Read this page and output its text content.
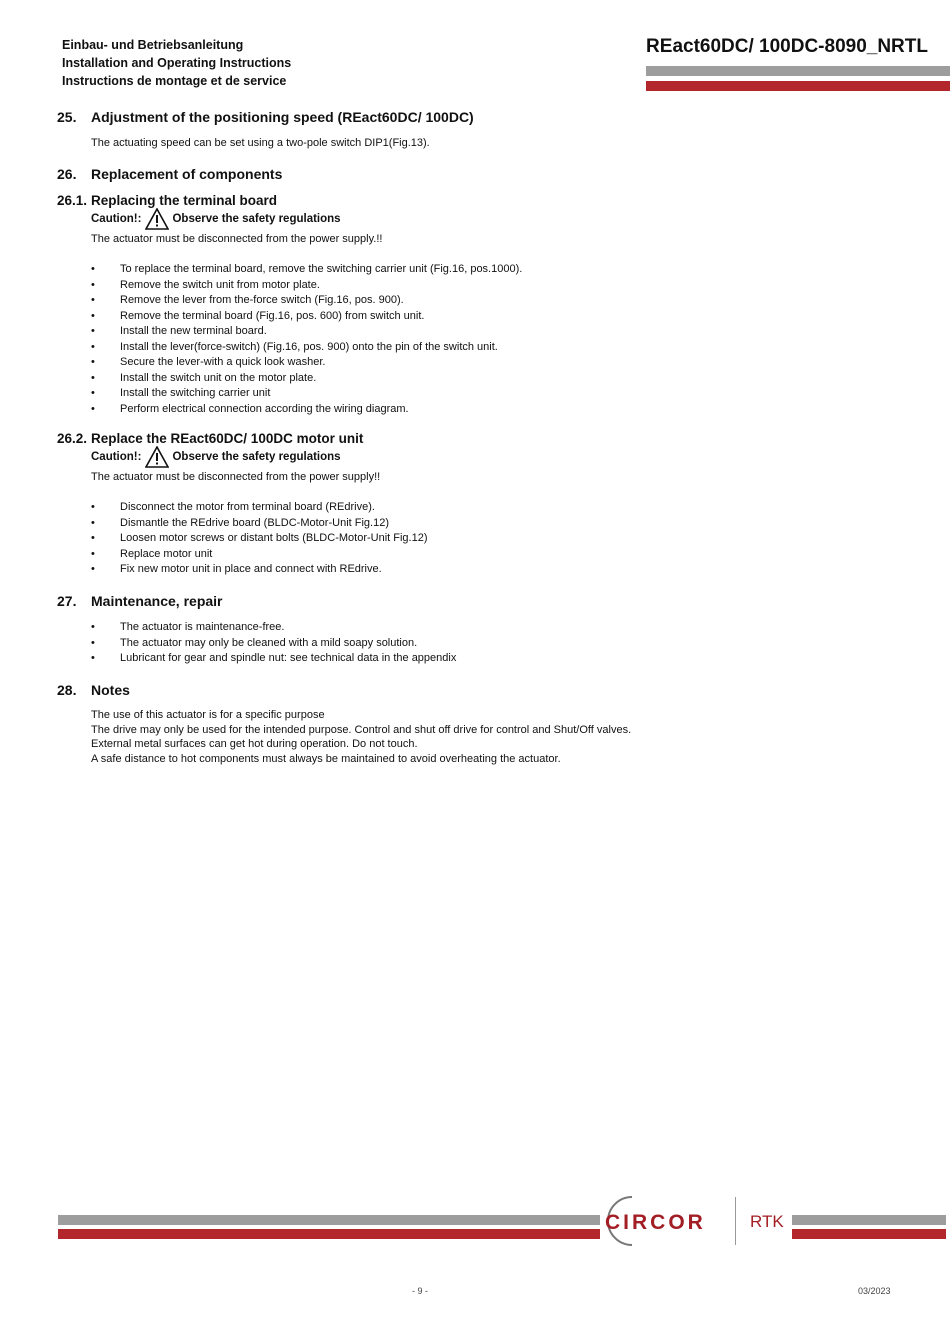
Einbau- und Betriebsanleitung
Installation and Operating Instructions
Instructions de montage et de service
REact60DC/ 100DC-8090_NRTL
25. Adjustment of the positioning speed (REact60DC/ 100DC)
The actuating speed can be set using a two-pole switch DIP1(Fig.13).
26. Replacement of components
26.1. Replacing the terminal board
Caution!:	Observe the safety regulations
The actuator must be disconnected from the power supply.!!
• To replace the terminal board, remove the switching carrier unit (Fig.16, pos.1000).
• Remove the switch unit from motor plate.
• Remove the lever from the-force switch (Fig.16, pos. 900).
• Remove the terminal board (Fig.16, pos. 600) from switch unit.
• Install the new terminal board.
• Install the lever(force-switch) (Fig.16, pos. 900) onto the pin of the switch unit.
• Secure the lever-with a quick look washer.
• Install the switch unit on the motor plate.
• Install the switching carrier unit
• Perform electrical connection according the wiring diagram.
26.2. Replace the REact60DC/ 100DC motor unit
Caution!:	Observe the safety regulations
The actuator must be disconnected from the power supply!!
• Disconnect the motor from terminal board (REdrive).
• Dismantle the REdrive board (BLDC-Motor-Unit Fig.12)
• Loosen motor screws or distant bolts (BLDC-Motor-Unit Fig.12)
• Replace motor unit
• Fix new motor unit in place and connect with REdrive.
27. Maintenance, repair
• The actuator is maintenance-free.
• The actuator may only be cleaned with a mild soapy solution.
• Lubricant for gear and spindle nut: see technical data in the appendix
28. Notes
The use of this actuator is for a specific purpose
The drive may only be used for the intended purpose. Control and shut off drive for control and Shut/Off valves.
External metal surfaces can get hot during operation. Do not touch.
A safe distance to hot components must always be maintained to avoid overheating the actuator.
CIRCOR	RTK
- 9 -	03/2023
